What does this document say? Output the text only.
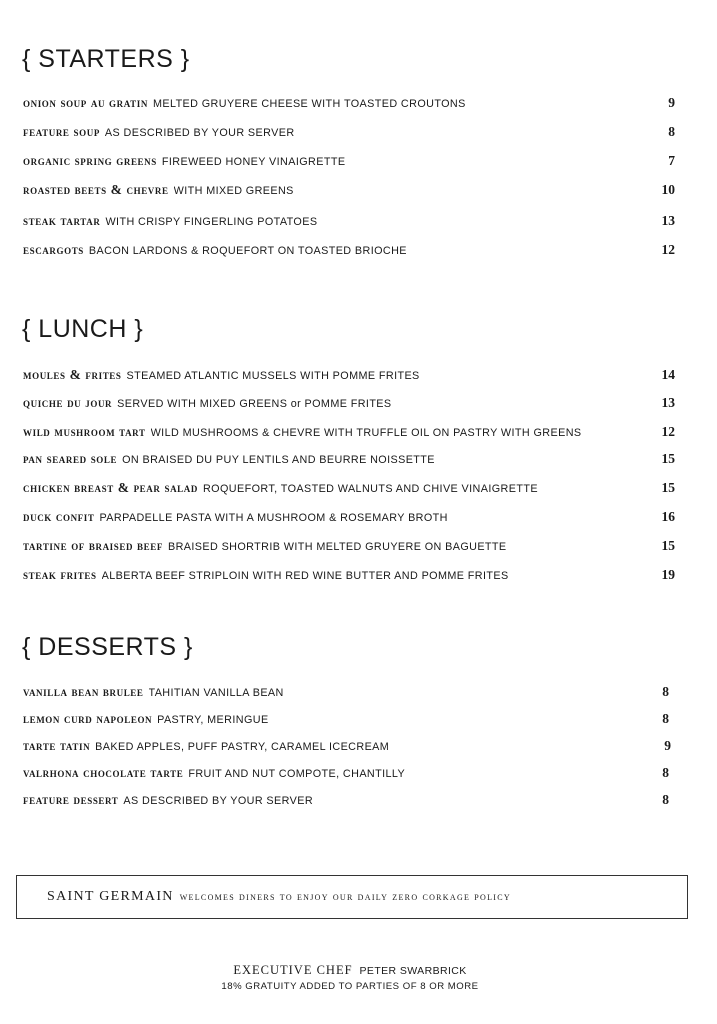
{ STARTERS }
onion soup au gratin MELTED GRUYERE CHEESE WITH TOASTED CROUTONS	9
feature soup AS DESCRIBED BY YOUR SERVER	8
organic spring greens FIREWEED HONEY VINAIGRETTE	7
roasted beets & chevre WITH MIXED GREENS	10
steak tartar WITH CRISPY FINGERLING POTATOES	13
escargots BACON LARDONS & ROQUEFORT ON TOASTED BRIOCHE	12
{ LUNCH }
moules & frites STEAMED ATLANTIC MUSSELS WITH POMME FRITES	14
quiche du jour SERVED WITH MIXED GREENS or POMME FRITES	13
wild mushroom tart WILD MUSHROOMS & CHEVRE WITH TRUFFLE OIL ON PASTRY WITH GREENS	12
pan seared sole ON BRAISED DU PUY LENTILS AND BEURRE NOISSETTE	15
chicken breast & pear salad ROQUEFORT, TOASTED WALNUTS AND CHIVE VINAIGRETTE	15
duck confit PARPADELLE PASTA WITH A MUSHROOM & ROSEMARY BROTH	16
tartine of braised beef BRAISED SHORTRIB WITH MELTED GRUYERE ON BAGUETTE	15
steak frites ALBERTA BEEF STRIPLOIN WITH RED WINE BUTTER AND POMME FRITES	19
{ DESSERTS }
vanilla bean brulee TAHITIAN VANILLA BEAN	8
lemon curd napoleon PASTRY, MERINGUE	8
tarte tatin BAKED APPLES, PUFF PASTRY, CARAMEL ICECREAM	9
valrhona chocolate tarte FRUIT AND NUT COMPOTE, CHANTILLY	8
feature dessert AS DESCRIBED BY YOUR SERVER	8
SAINT GERMAIN welcomes diners to enjoy our daily zero corkage policy
EXECUTIVE CHEF PETER SWARBRICK
18% GRATUITY ADDED TO PARTIES OF 8 OR MORE
